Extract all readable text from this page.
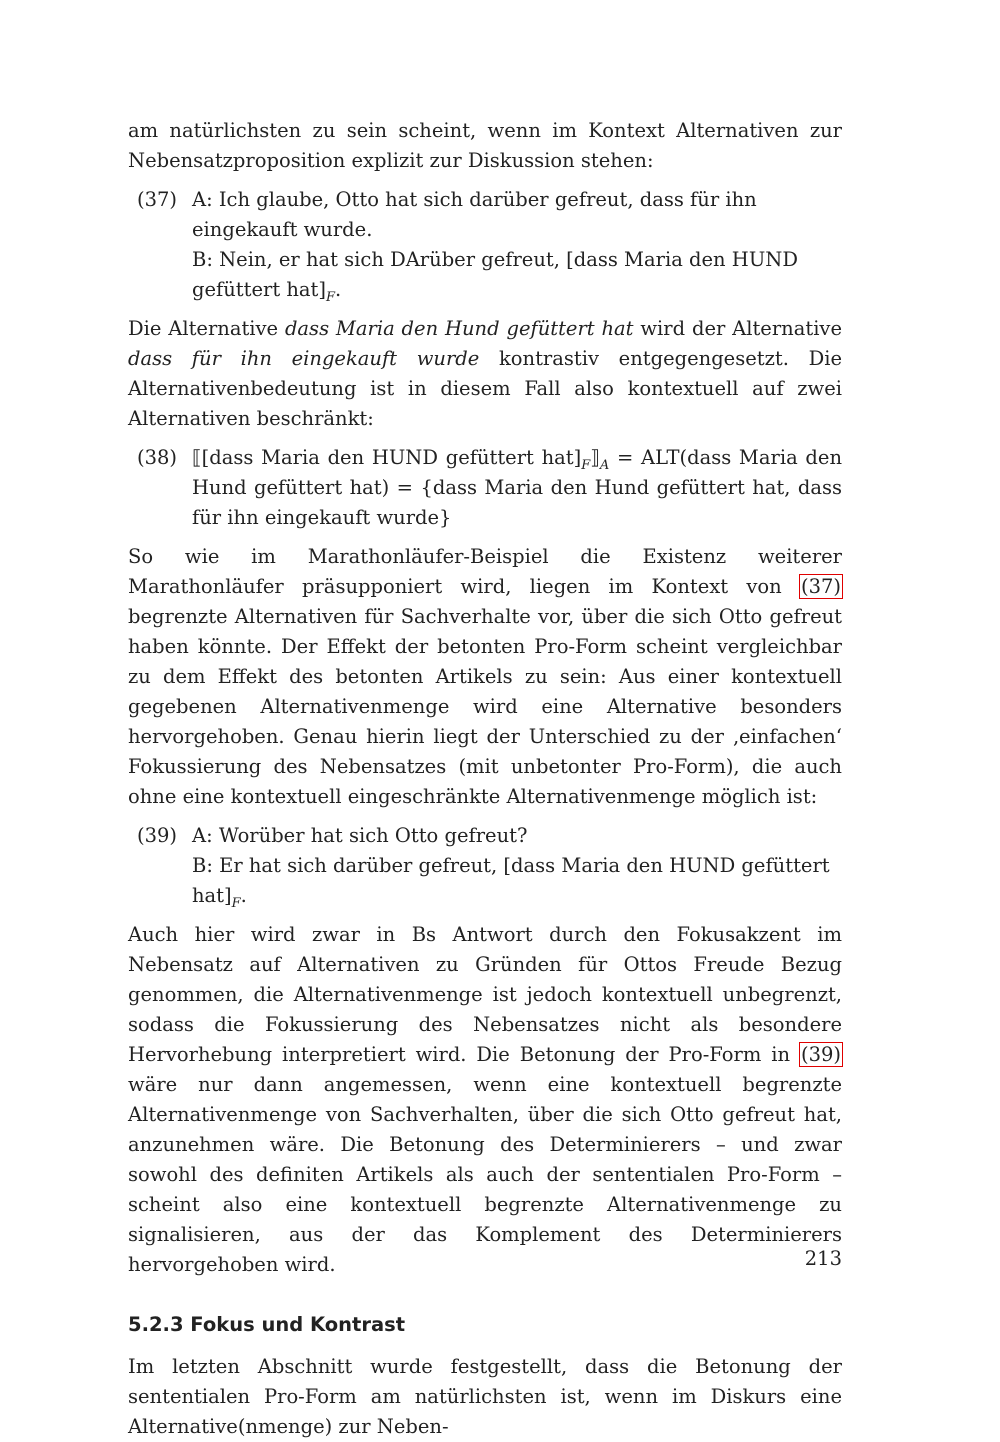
am natürlichsten zu sein scheint, wenn im Kontext Alternativen zur Nebensatzproposition explizit zur Diskussion stehen:

(37) A: Ich glaube, Otto hat sich darüber gefreut, dass für ihn eingekauft wurde.
B: Nein, er hat sich DArüber gefreut, [dass Maria den HUND gefüttert $hat]_F$.

Die Alternative dass Maria den Hund gefüttert hat wird der Alternative dass für ihn eingekauft wurde kontrastiv entgegengesetzt. Die Alternativenbedeutung ist in diesem Fall also kontextuell auf zwei Alternativen beschränkt:

(38) ⟦[dass Maria den HUND gefüttert $hat]_F⟧_A$ = ALT(dass Maria den Hund gefüttert hat) = {dass Maria den Hund gefüttert hat, dass für ihn eingekauft wurde}

So wie im Marathonläufer-Beispiel die Existenz weiterer Marathonläufer präsupponiert wird, liegen im Kontext von (37) begrenzte Alternativen für Sachverhalte vor, über die sich Otto gefreut haben könnte. Der Effekt der betonten Pro-Form scheint vergleichbar zu dem Effekt des betonten Artikels zu sein: Aus einer kontextuell gegebenen Alternativenmenge wird eine Alternative besonders hervorgehoben. Genau hierin liegt der Unterschied zu der ‚einfachen‘ Fokussierung des Nebensatzes (mit unbetonter Pro-Form), die auch ohne eine kontextuell eingeschränkte Alternativenmenge möglich ist:

(39) A: Worüber hat sich Otto gefreut?
B: Er hat sich darüber gefreut, [dass Maria den HUND gefüttert $hat]_F$.

Auch hier wird zwar in Bs Antwort durch den Fokusakzent im Nebensatz auf Alternativen zu Gründen für Ottos Freude Bezug genommen, die Alternativenmenge ist jedoch kontextuell unbegrenzt, sodass die Fokussierung des Nebensatzes nicht als besondere Hervorhebung interpretiert wird. Die Betonung der Pro-Form in (39) wäre nur dann angemessen, wenn eine kontextuell begrenzte Alternativenmenge von Sachverhalten, über die sich Otto gefreut hat, anzunehmen wäre. Die Betonung des Determinierers – und zwar sowohl des definiten Artikels als auch der sententialen Pro-Form – scheint also eine kontextuell begrenzte Alternativenmenge zu signalisieren, aus der das Komplement des Determinierers hervorgehoben wird.

5.2.3 Fokus und Kontrast

Im letzten Abschnitt wurde festgestellt, dass die Betonung der sententialen Pro-Form am natürlichsten ist, wenn im Diskurs eine Alternative(nmenge) zur Neben-

213
